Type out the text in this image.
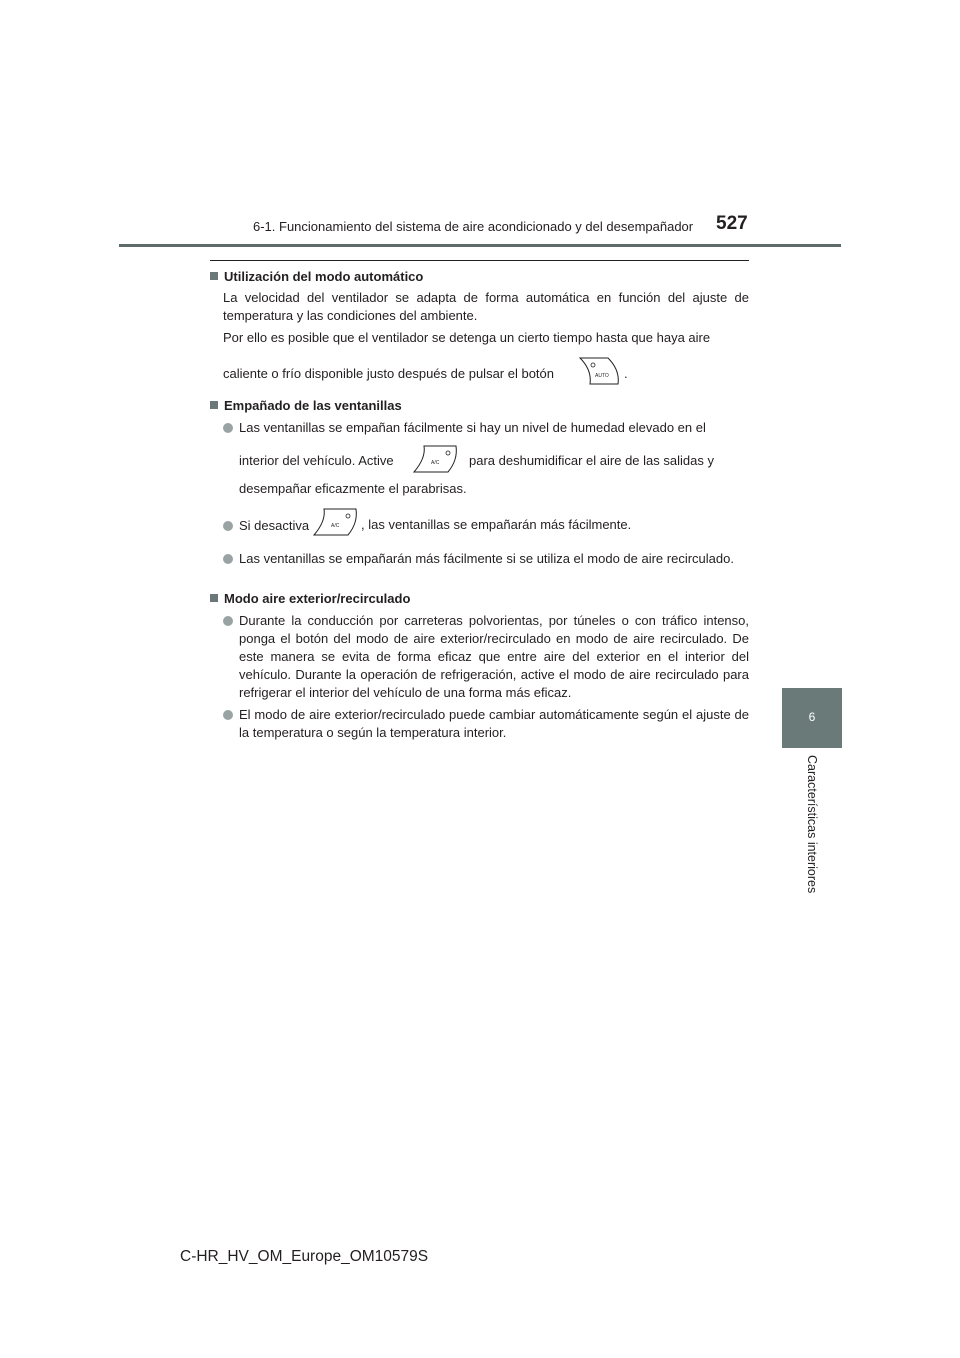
6-1. Funcionamiento del sistema de aire acondicionado y del desempañador 527
6
Características interiores
Utilización del modo automático
La velocidad del ventilador se adapta de forma automática en función del ajuste de temperatura y las condiciones del ambiente.
Por ello es posible que el ventilador se detenga un cierto tiempo hasta que haya aire
caliente o frío disponible justo después de pulsar el botón	AUTO .
Empañado de las ventanillas
Las ventanillas se empañan fácilmente si hay un nivel de humedad elevado en el
interior del vehículo. Active	A/C para deshumidificar el aire de las salidas y
desempañar eficazmente el parabrisas.
Si desactiva	A/C , las ventanillas se empañarán más fácilmente.
Las ventanillas se empañarán más fácilmente si se utiliza el modo de aire recirculado.
Modo aire exterior/recirculado
Durante la conducción por carreteras polvorientas, por túneles o con tráfico intenso, ponga el botón del modo de aire exterior/recirculado en modo de aire recirculado. De este manera se evita de forma eficaz que entre aire del exterior en el interior del vehículo. Durante la operación de refrigeración, active el modo de aire recirculado para refrigerar el interior del vehículo de una forma más eficaz.
El modo de aire exterior/recirculado puede cambiar automáticamente según el ajuste de la temperatura o según la temperatura interior.
C-HR_HV_OM_Europe_OM10579S
